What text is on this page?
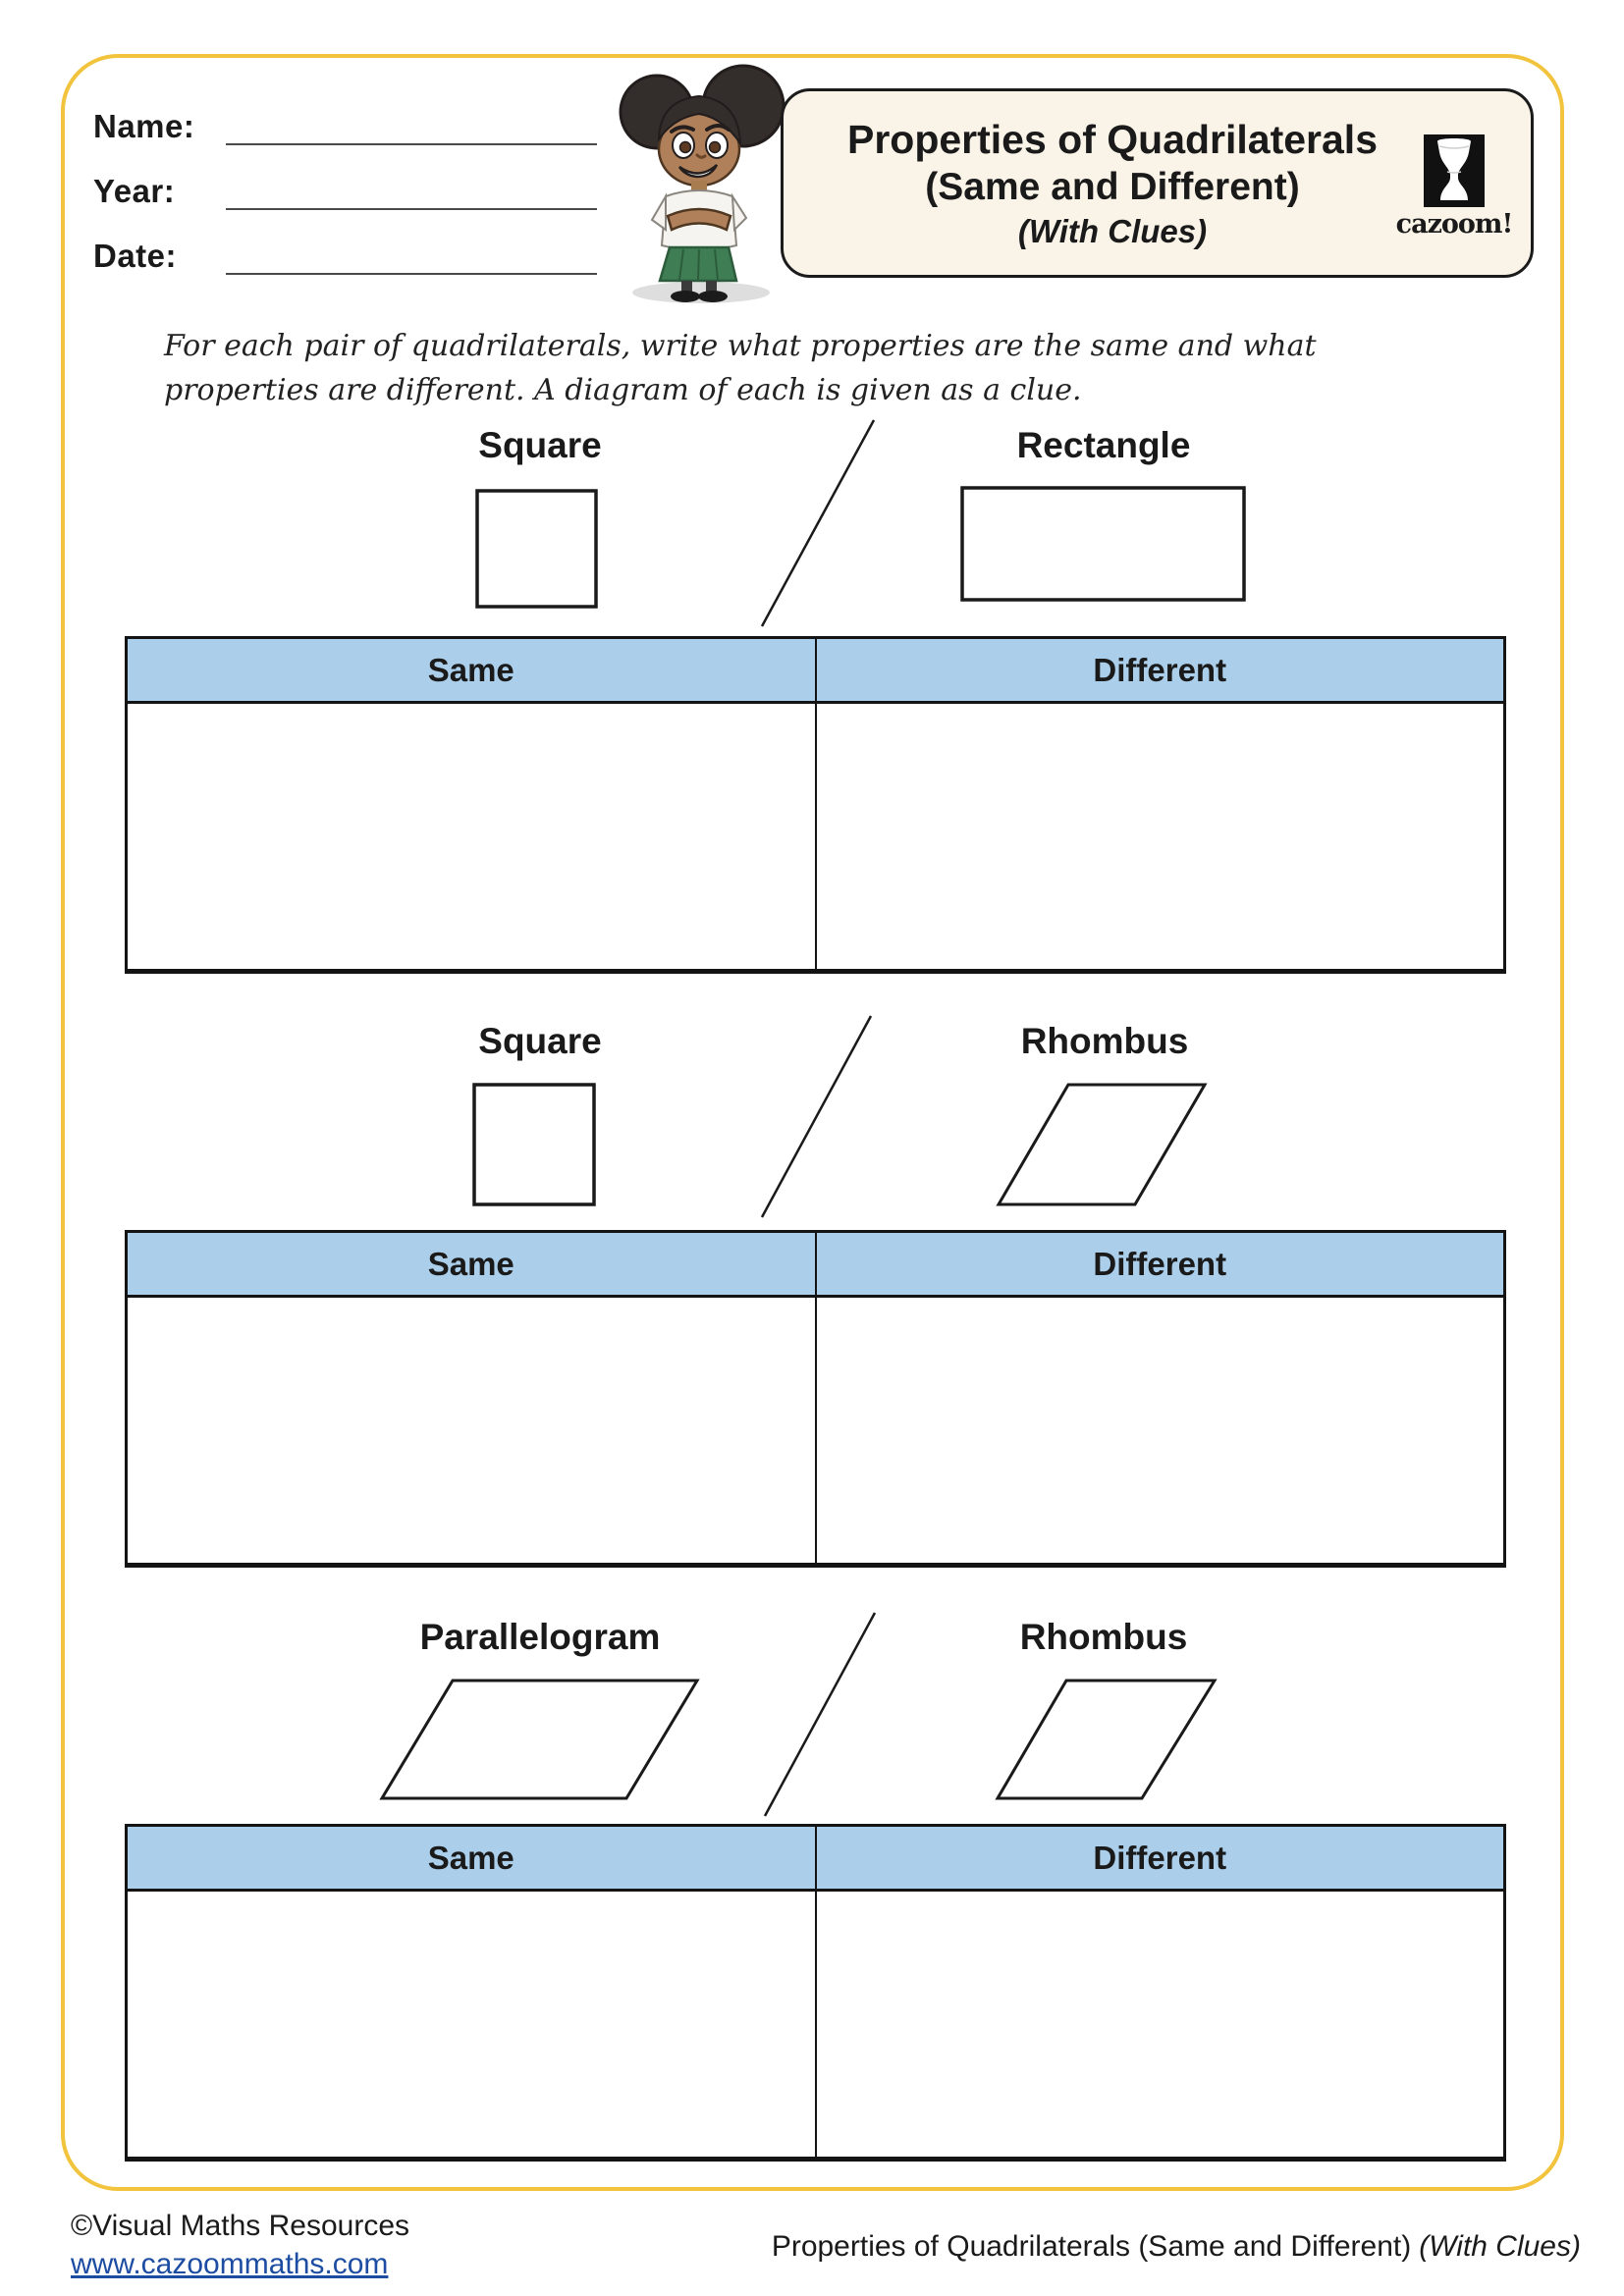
Name:
Year:
Date:
Properties of Quadrilaterals
(Same and Different)
(With Clues)	cazoom!
For each pair of quadrilaterals, write what properties are the same and what
properties are different. A diagram of each is given as a clue.
Square	Rectangle
Same	Different
Square	Rhombus
Same	Different
Parallelogram	Rhombus
Same	Different
©Visual Maths Resources
www.cazoommaths.com
Properties of Quadrilaterals (Same and Different) (With Clues)
